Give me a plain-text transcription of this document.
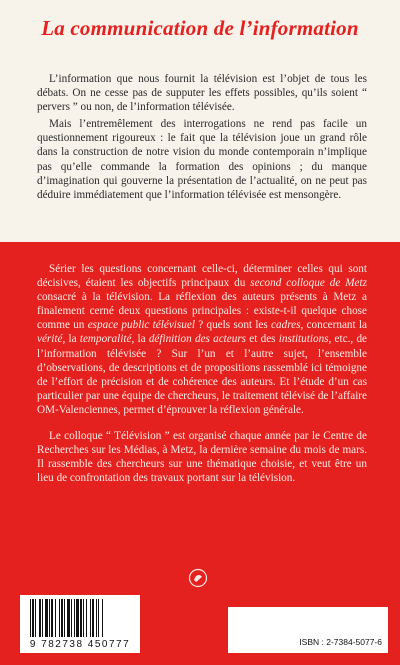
La communication de l’information

L’information que nous fournit la télévision est l’objet de tous les débats. On ne cesse pas de supputer les effets possibles, qu’ils soient “ pervers ” ou non, de l’information télévisée.

Mais l’entremêlement des interrogations ne rend pas facile un questionnement rigoureux : le fait que la télévision joue un grand rôle dans la construction de notre vision du monde contemporain n’implique pas qu’elle commande la formation des opinions ; du manque d’imagination qui gouverne la présentation de l’actualité, on ne peut pas déduire immédiatement que l’information télévisée est mensongère.

Sérier les questions concernant celle-ci, déterminer celles qui sont décisives, étaient les objectifs principaux du second colloque de Metz consacré à la télévision. La réflexion des auteurs présents à Metz a finalement cerné deux questions principales : existe-t-il quelque chose comme un espace public télévisuel ? quels sont les cadres, concernant la vérité, la temporalité, la définition des acteurs et des institutions, etc., de l’information télévisée ? Sur l’un et l’autre sujet, l’ensemble d’observations, de descriptions et de propositions rassemblé ici témoigne de l’effort de précision et de cohérence des auteurs. Et l’étude d’un cas particulier par une équipe de chercheurs, le traitement télévisé de l’affaire OM-Valenciennes, permet d’éprouver la réflexion générale.

Le colloque “ Télévision ” est organisé chaque année par le Centre de Recherches sur les Médias, à Metz, la dernière semaine du mois de mars. Il rassemble des chercheurs sur une thématique choisie, et veut être un lieu de confrontation des travaux portant sur la télévision.

9 782738 450777	ISBN : 2-7384-5077-6
